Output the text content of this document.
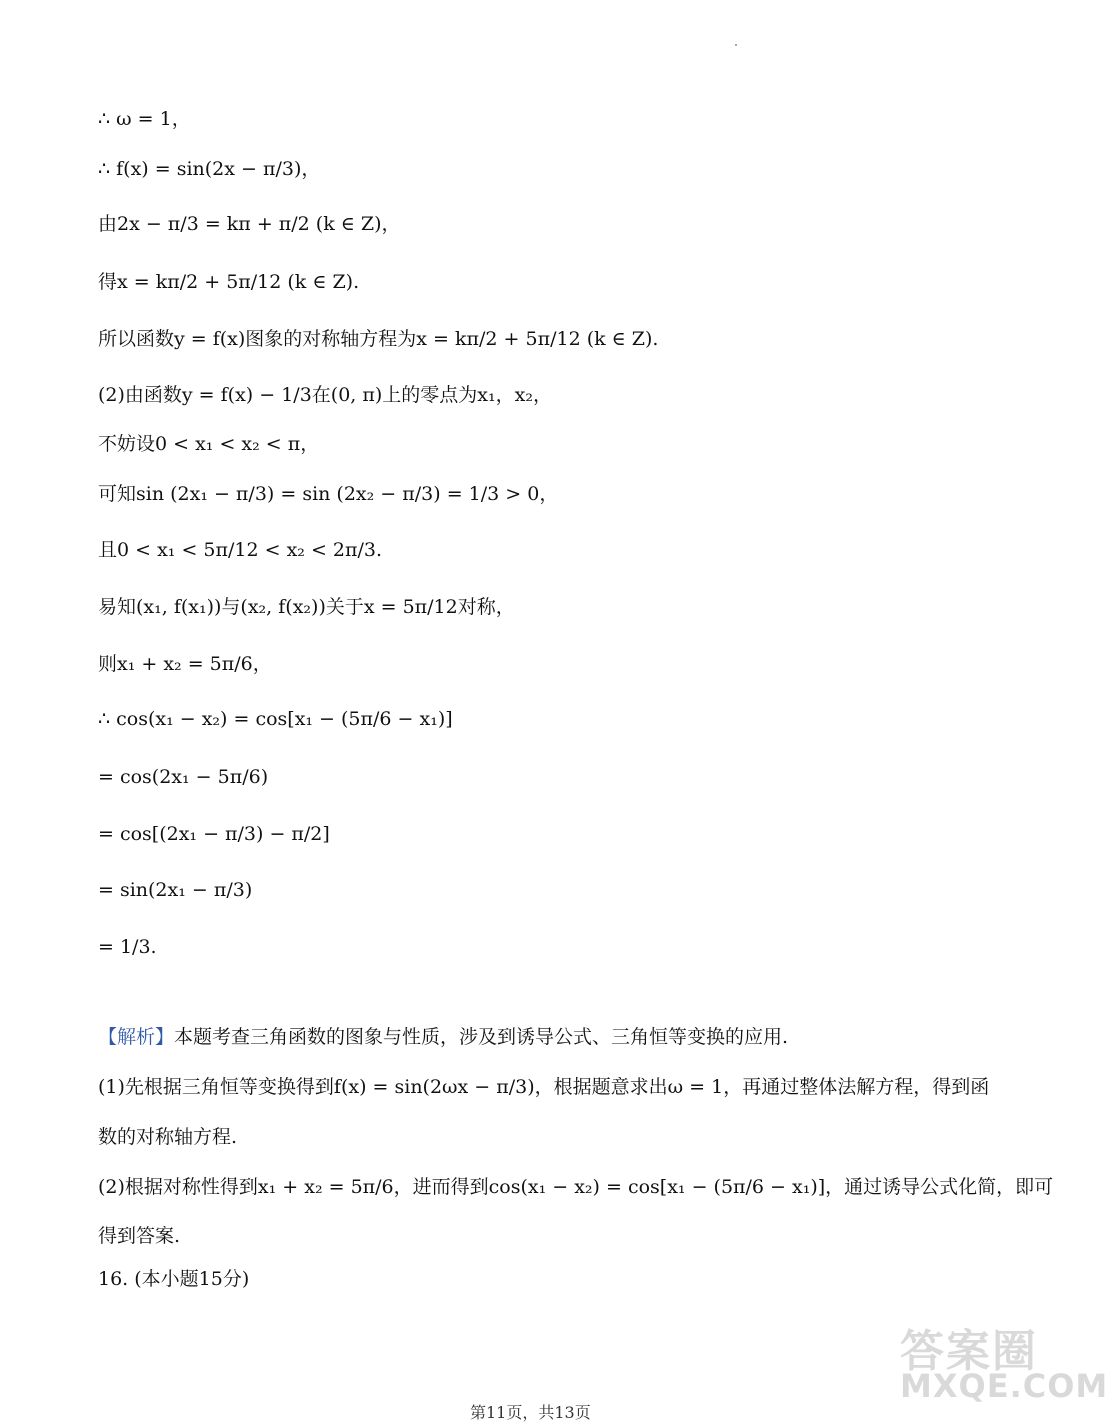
∴ ω = 1，
∴ f(x) = sin(2x − π/3)，
由2x − π/3 = kπ + π/2 (k ∈ Z)，
得x = kπ/2 + 5π/12 (k ∈ Z).
所以函数y = f(x)图象的对称轴方程为x = kπ/2 + 5π/12 (k ∈ Z).
(2)由函数y = f(x) − 1/3在(0, π)上的零点为x₁，x₂，
不妨设0 < x₁ < x₂ < π，
可知sin (2x₁ − π/3) = sin (2x₂ − π/3) = 1/3 > 0，
且0 < x₁ < 5π/12 < x₂ < 2π/3.
易知(x₁, f(x₁))与(x₂, f(x₂))关于x = 5π/12对称，
则x₁ + x₂ = 5π/6，
∴ cos(x₁ − x₂) = cos[x₁ − (5π/6 − x₁)]
= cos(2x₁ − 5π/6)
= cos[(2x₁ − π/3) − π/2]
= sin(2x₁ − π/3)
= 1/3.
【解析】本题考查三角函数的图象与性质，涉及到诱导公式、三角恒等变换的应用.
(1)先根据三角恒等变换得到f(x) = sin(2ωx − π/3)，根据题意求出ω = 1，再通过整体法解方程，得到函
数的对称轴方程.
(2)根据对称性得到x₁ + x₂ = 5π/6，进而得到cos(x₁ − x₂) = cos[x₁ − (5π/6 − x₁)]，通过诱导公式化简，即可
得到答案.
16. (本小题15分)
答案圈
MXQE.COM
第11页，共13页
